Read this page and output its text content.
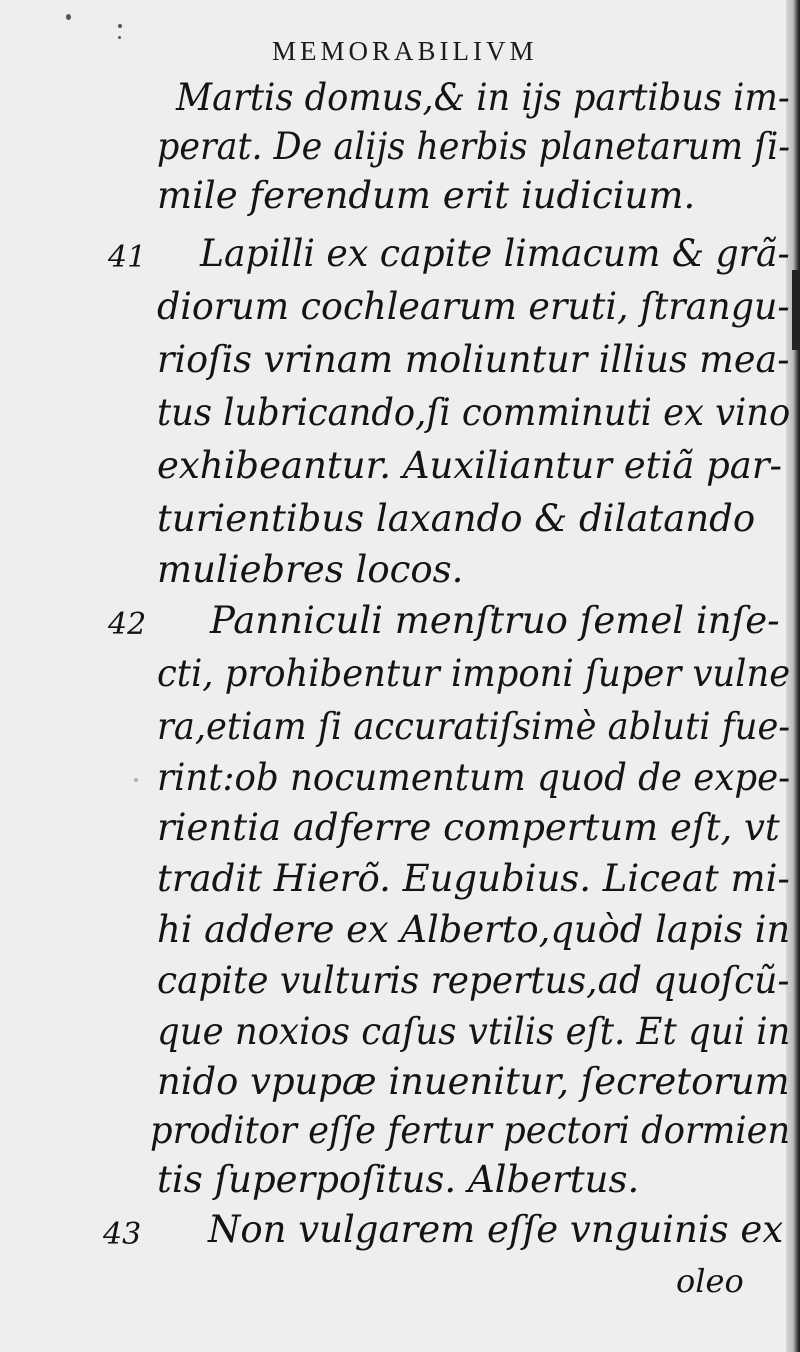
MEMORABILIVM
Martis domus,& in ijs partibus im-
perat. De alijs herbis planetarum ſi-
mile ferendum erit iudicium.
41 Lapilli ex capite limacum & grã-
diorum cochlearum eruti, ſtrangu-
rioſis vrinam moliuntur illius mea-
tus lubricando,ſi comminuti ex vino
exhibeantur. Auxiliantur etiã par-
turientibus laxando & dilatando
muliebres locos.
42 Panniculi menſtruo ſemel inſe-
cti, prohibentur imponi ſuper vulne
ra,etiam ſi accuratiſsimè abluti fue-
rint:ob nocumentum quod de expe-
rientia adferre compertum eſt, vt
tradit Hierõ. Eugubius. Liceat mi-
hi addere ex Alberto,quòd lapis in
capite vulturis repertus,ad quoſcũ-
que noxios caſus vtilis eſt. Et qui in
nido vpupæ inuenitur, ſecretorum
proditor eſſe fertur pectori dormien
tis ſuperpoſitus. Albertus.
43 Non vulgarem eſſe vnguinis ex
oleo
